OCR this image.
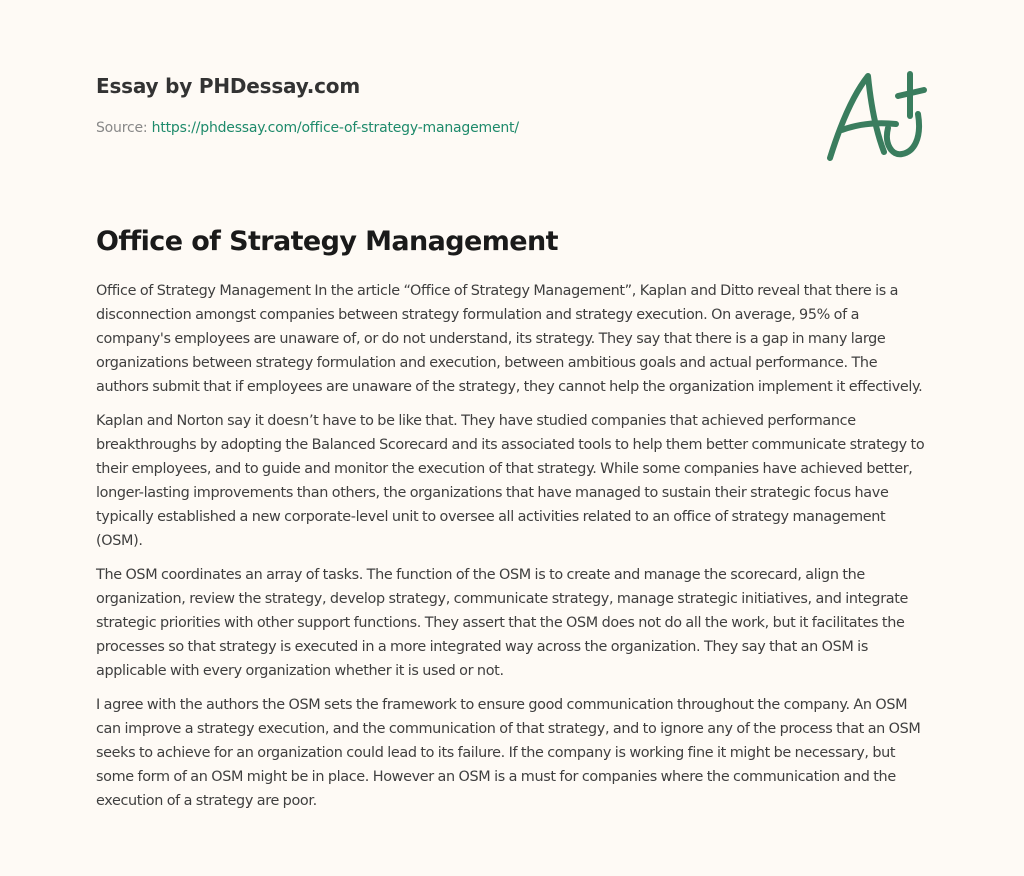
Essay by PHDessay.com
Source: https://phdessay.com/office-of-strategy-management/
Office of Strategy Management

Office of Strategy Management In the article “Office of Strategy Management”, Kaplan and Ditto reveal that there is a disconnection amongst companies between strategy formulation and strategy execution. On average, 95% of a company's employees are unaware of, or do not understand, its strategy. They say that there is a gap in many large organizations between strategy formulation and execution, between ambitious goals and actual performance. The authors submit that if employees are unaware of the strategy, they cannot help the organization implement it effectively.

Kaplan and Norton say it doesn’t have to be like that. They have studied companies that achieved performance breakthroughs by adopting the Balanced Scorecard and its associated tools to help them better communicate strategy to their employees, and to guide and monitor the execution of that strategy. While some companies have achieved better, longer-lasting improvements than others, the organizations that have managed to sustain their strategic focus have typically established a new corporate-level unit to oversee all activities related to an office of strategy management (OSM).

The OSM coordinates an array of tasks. The function of the OSM is to create and manage the scorecard, align the organization, review the strategy, develop strategy, communicate strategy, manage strategic initiatives, and integrate strategic priorities with other support functions. They assert that the OSM does not do all the work, but it facilitates the processes so that strategy is executed in a more integrated way across the organization. They say that an OSM is applicable with every organization whether it is used or not.

I agree with the authors the OSM sets the framework to ensure good communication throughout the company. An OSM can improve a strategy execution, and the communication of that strategy, and to ignore any of the process that an OSM seeks to achieve for an organization could lead to its failure. If the company is working fine it might be necessary, but some form of an OSM might be in place. However an OSM is a must for companies where the communication and the execution of a strategy are poor.
